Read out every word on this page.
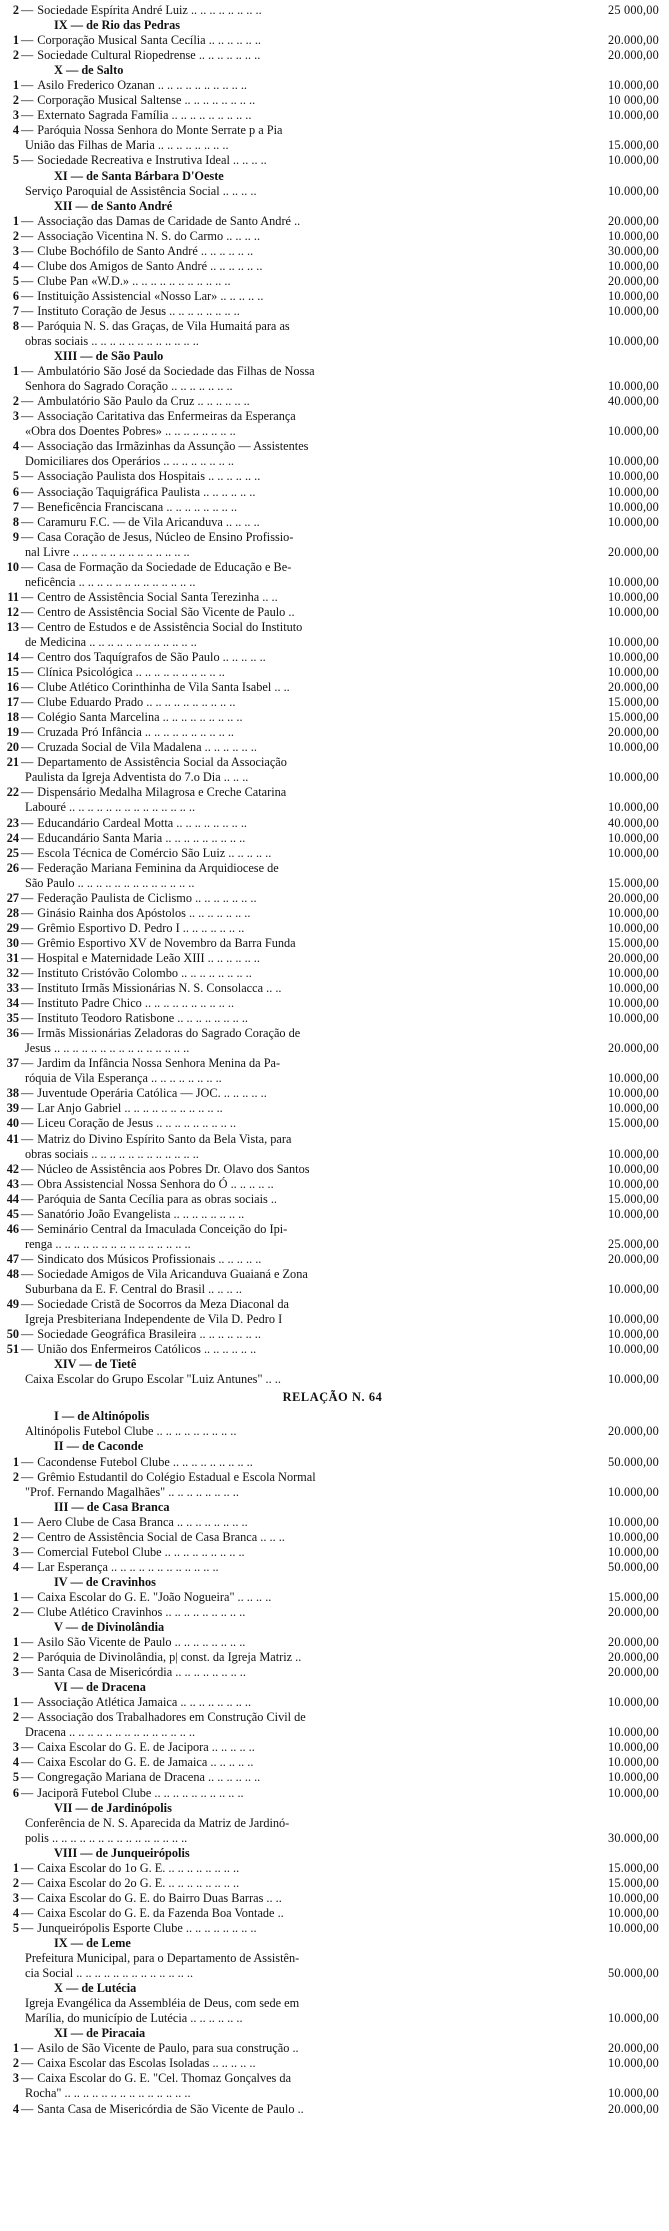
2 — Sociedade Espírita André Luiz .. .. .. .. .. .. .. ..	25 000,00
IX — de Rio das Pedras
1 — Corporação Musical Santa Cecília .. .. .. .. .. ..	20.000,00
2 — Sociedade Cultural Riopedrense .. .. .. .. .. .. ..	20.000,00
X — de Salto
1 — Asilo Frederico Ozanan .. .. .. .. .. .. .. .. .. ..	10.000,00
2 — Corporação Musical Saltense .. .. .. .. .. .. .. ..	10 000,00
3 — Externato Sagrada Família .. .. .. .. .. .. .. .. ..	10.000,00
4 — Paróquia Nossa Senhora do Monte Serrate p a Pia
União das Filhas de Maria .. .. .. .. .. .. .. ..	15.000,00
5 — Sociedade Recreativa e Instrutiva Ideal .. .. .. ..	10.000,00
XI — de Santa Bárbara D'Oeste
Serviço Paroquial de Assistência Social .. .. .. ..	10.000,00
XII — de Santo André
1 — Associação das Damas de Caridade de Santo André ..	20.000,00
2 — Associação Vicentina N. S. do Carmo .. .. .. ..	10.000,00
3 — Clube Bochófilo de Santo André .. .. .. .. .. ..	30.000,00
4 — Clube dos Amigos de Santo André .. .. .. .. .. ..	10.000,00
5 — Clube Pan «W.D.» .. .. .. .. .. .. .. .. .. .. ..	20.000,00
6 — Instituição Assistencial «Nosso Lar» .. .. .. .. ..	10.000,00
7 — Instituto Coração de Jesus .. .. .. .. .. .. .. ..	10.000,00
8 — Paróquia N. S. das Graças, de Vila Humaitá para as
obras sociais .. .. .. .. .. .. .. .. .. .. .. ..	10.000,00
XIII — de São Paulo
1 — Ambulatório São José da Sociedade das Filhas de Nossa
Senhora do Sagrado Coração .. .. .. .. .. .. ..	10.000,00
2 — Ambulatório São Paulo da Cruz .. .. .. .. .. ..	40.000,00
3 — Associação Caritativa das Enfermeiras da Esperança
«Obra dos Doentes Pobres» .. .. .. .. .. .. .. ..	10.000,00
4 — Associação das Irmãzinhas da Assunção — Assistentes
Domiciliares dos Operários .. .. .. .. .. .. .. ..	10.000,00
5 — Associação Paulista dos Hospitais .. .. .. .. .. ..	10.000,00
6 — Associação Taquigráfica Paulista .. .. .. .. .. ..	10.000,00
7 — Beneficência Franciscana .. .. .. .. .. .. .. ..	10.000,00
8 — Caramuru F.C. — de Vila Aricanduva .. .. .. ..	10.000,00
9 — Casa Coração de Jesus, Núcleo de Ensino Profissio-
nal Livre .. .. .. .. .. .. .. .. .. .. .. .. ..	20.000,00
10 — Casa de Formação da Sociedade de Educação e Be-
neficência .. .. .. .. .. .. .. .. .. .. .. .. ..	10.000,00
11 — Centro de Assistência Social Santa Terezinha .. ..	10.000,00
12 — Centro de Assistência Social São Vicente de Paulo ..	10.000,00
13 — Centro de Estudos e de Assistência Social do Instituto
de Medicina .. .. .. .. .. .. .. .. .. .. .. ..	10.000,00
14 — Centro dos Taquígrafos de São Paulo .. .. .. .. ..	10.000,00
15 — Clínica Psicológica .. .. .. .. .. .. .. .. .. ..	10.000,00
16 — Clube Atlético Corinthinha de Vila Santa Isabel .. ..	20.000,00
17 — Clube Eduardo Prado .. .. .. .. .. .. .. .. .. ..	15.000,00
18 — Colégio Santa Marcelina .. .. .. .. .. .. .. .. ..	15.000,00
19 — Cruzada Pró Infância .. .. .. .. .. .. .. .. .. ..	20.000,00
20 — Cruzada Social de Vila Madalena .. .. .. .. .. ..	10.000,00
21 — Departamento de Assistência Social da Associação
Paulista da Igreja Adventista do 7.o Dia .. .. ..	10.000,00
22 — Dispensário Medalha Milagrosa e Creche Catarina
Labouré .. .. .. .. .. .. .. .. .. .. .. .. .. ..	10.000,00
23 — Educandário Cardeal Motta .. .. .. .. .. .. .. ..	40.000,00
24 — Educandário Santa Maria .. .. .. .. .. .. .. .. ..	10.000,00
25 — Escola Técnica de Comércio São Luiz .. .. .. .. ..	10.000,00
26 — Federação Mariana Feminina da Arquidiocese de
São Paulo .. .. .. .. .. .. .. .. .. .. .. .. ..	15.000,00
27 — Federação Paulista de Ciclismo .. .. .. .. .. .. ..	20.000,00
28 — Ginásio Rainha dos Apóstolos .. .. .. .. .. .. ..	10.000,00
29 — Grêmio Esportivo D. Pedro I .. .. .. .. .. .. ..	10.000,00
30 — Grêmio Esportivo XV de Novembro da Barra Funda	15.000,00
31 — Hospital e Maternidade Leão XIII .. .. .. .. .. ..	20.000,00
32 — Instituto Cristóvão Colombo .. .. .. .. .. .. .. ..	10.000,00
33 — Instituto Irmãs Missionárias N. S. Consolacca .. ..	10.000,00
34 — Instituto Padre Chico .. .. .. .. .. .. .. .. .. ..	10.000,00
35 — Instituto Teodoro Ratisbone .. .. .. .. .. .. .. ..	10.000,00
36 — Irmãs Missionárias Zeladoras do Sagrado Coração de
Jesus .. .. .. .. .. .. .. .. .. .. .. .. .. .. ..	20.000,00
37 — Jardim da Infância Nossa Senhora Menina da Pa-
róquia de Vila Esperança .. .. .. .. .. .. .. ..	10.000,00
38 — Juventude Operária Católica — JOC. .. .. .. .. ..	10.000,00
39 — Lar Anjo Gabriel .. .. .. .. .. .. .. .. .. .. ..	10.000,00
40 — Liceu Coração de Jesus .. .. .. .. .. .. .. .. ..	15.000,00
41 — Matriz do Divino Espírito Santo da Bela Vista, para
obras sociais .. .. .. .. .. .. .. .. .. .. .. ..	10.000,00
42 — Núcleo de Assistência aos Pobres Dr. Olavo dos Santos	10.000,00
43 — Obra Assistencial Nossa Senhora do Ó .. .. .. .. ..	10.000,00
44 — Paróquia de Santa Cecília para as obras sociais ..	15.000,00
45 — Sanatório João Evangelista .. .. .. .. .. .. .. ..	10.000,00
46 — Seminário Central da Imaculada Conceição do Ipi-
renga .. .. .. .. .. .. .. .. .. .. .. .. .. .. ..	25.000,00
47 — Sindicato dos Músicos Profissionais .. .. .. .. ..	20.000,00
48 — Sociedade Amigos de Vila Aricanduva Guaianá e Zona
Suburbana da E. F. Central do Brasil .. .. .. ..	10.000,00
49 — Sociedade Cristã de Socorros da Meza Diaconal da
Igreja Presbiteriana Independente de Vila D. Pedro I	10.000,00
50 — Sociedade Geográfica Brasileira .. .. .. .. .. .. ..	10.000,00
51 — União dos Enfermeiros Católicos .. .. .. .. .. ..	10.000,00
XIV — de Tietê
Caixa Escolar do Grupo Escolar "Luiz Antunes" .. ..	10.000,00
RELAÇÃO N. 64
I — de Altinópolis
Altinópolis Futebol Clube .. .. .. .. .. .. .. .. ..	20.000,00
II — de Caconde
1 — Cacondense Futebol Clube .. .. .. .. .. .. .. .. ..	50.000,00
2 — Grêmio Estudantil do Colégio Estadual e Escola Normal
"Prof. Fernando Magalhães" .. .. .. .. .. .. .. ..	10.000,00
III — de Casa Branca
1 — Aero Clube de Casa Branca .. .. .. .. .. .. .. ..	10.000,00
2 — Centro de Assistência Social de Casa Branca .. .. ..	10.000,00
3 — Comercial Futebol Clube .. .. .. .. .. .. .. .. ..	10.000,00
4 — Lar Esperança .. .. .. .. .. .. .. .. .. .. .. ..	50.000,00
IV — de Cravinhos
1 — Caixa Escolar do G. E. "João Nogueira" .. .. .. ..	15.000,00
2 — Clube Atlético Cravinhos .. .. .. .. .. .. .. .. ..	20.000,00
V — de Divinolândia
1 — Asilo São Vicente de Paulo .. .. .. .. .. .. .. ..	20.000,00
2 — Paróquia de Divinolândia, p| const. da Igreja Matriz ..	20.000,00
3 — Santa Casa de Misericórdia .. .. .. .. .. .. .. ..	20.000,00
VI — de Dracena
1 — Associação Atlética Jamaica .. .. .. .. .. .. .. ..	10.000,00
2 — Associação dos Trabalhadores em Construção Civil de
Dracena .. .. .. .. .. .. .. .. .. .. .. .. .. ..	10.000,00
3 — Caixa Escolar do G. E. de Jacipora .. .. .. .. ..	10.000,00
4 — Caixa Escolar do G. E. de Jamaica .. .. .. .. ..	10.000,00
5 — Congregação Mariana de Dracena .. .. .. .. .. ..	10.000,00
6 — Jaciporã Futebol Clube .. .. .. .. .. .. .. .. .. ..	10.000,00
VII — de Jardinópolis
Conferência de N. S. Aparecida da Matriz de Jardinó-
polis .. .. .. .. .. .. .. .. .. .. .. .. .. .. ..	30.000,00
VIII — de Junqueirópolis
1 — Caixa Escolar do 1o G. E. .. .. .. .. .. .. .. ..	15.000,00
2 — Caixa Escolar do 2o G. E. .. .. .. .. .. .. .. ..	15.000,00
3 — Caixa Escolar do G. E. do Bairro Duas Barras .. ..	10.000,00
4 — Caixa Escolar do G. E. da Fazenda Boa Vontade ..	10.000,00
5 — Junqueirópolis Esporte Clube .. .. .. .. .. .. .. ..	10.000,00
IX — de Leme
Prefeitura Municipal, para o Departamento de Assistên-
cia Social .. .. .. .. .. .. .. .. .. .. .. .. ..	50.000,00
X — de Lutécia
Igreja Evangélica da Assembléia de Deus, com sede em
Marília, do município de Lutécia .. .. .. .. .. ..	10.000,00
XI — de Piracaia
1 — Asilo de São Vicente de Paulo, para sua construção ..	20.000,00
2 — Caixa Escolar das Escolas Isoladas .. .. .. .. ..	10.000,00
3 — Caixa Escolar do G. E. "Cel. Thomaz Gonçalves da
Rocha" .. .. .. .. .. .. .. .. .. .. .. .. .. ..	10.000,00
4 — Santa Casa de Misericórdia de São Vicente de Paulo ..	20.000,00
